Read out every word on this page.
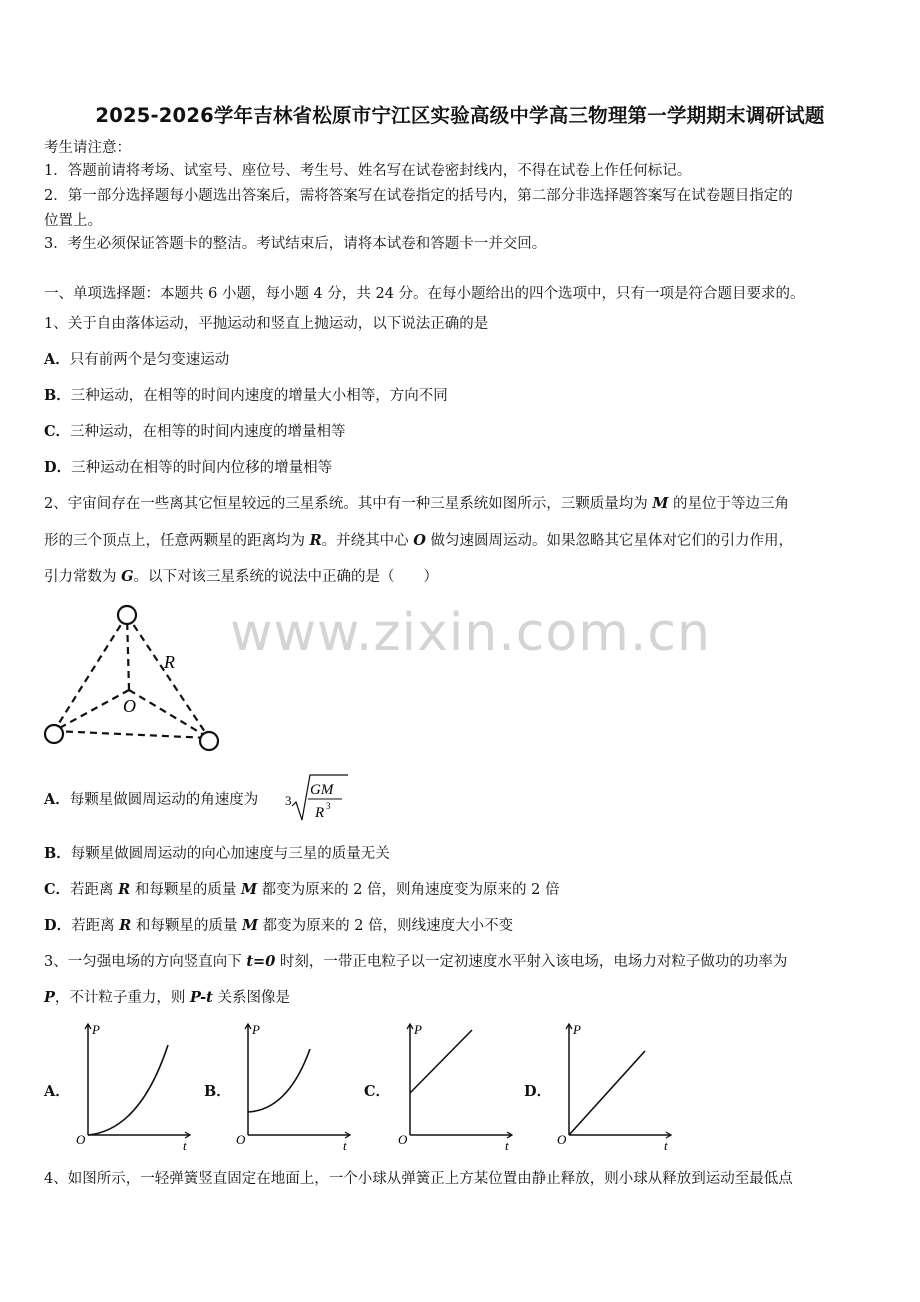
2025-2026学年吉林省松原市宁江区实验高级中学高三物理第一学期期末调研试题
考生请注意：
1．答题前请将考场、试室号、座位号、考生号、姓名写在试卷密封线内，不得在试卷上作任何标记。
2．第一部分选择题每小题选出答案后，需将答案写在试卷指定的括号内，第二部分非选择题答案写在试卷题目指定的
位置上。
3．考生必须保证答题卡的整洁。考试结束后，请将本试卷和答题卡一并交回。
一、单项选择题：本题共 6 小题，每小题 4 分，共 24 分。在每小题给出的四个选项中，只有一项是符合题目要求的。
1、关于自由落体运动，平抛运动和竖直上抛运动，以下说法正确的是
A．只有前两个是匀变速运动
B．三种运动，在相等的时间内速度的增量大小相等，方向不同
C．三种运动，在相等的时间内速度的增量相等
D．三种运动在相等的时间内位移的增量相等
2、宇宙间存在一些离其它恒星较远的三星系统。其中有一种三星系统如图所示，三颗质量均为 M 的星位于等边三角
形的三个顶点上，任意两颗星的距离均为 R。并绕其中心 O 做匀速圆周运动。如果忽略其它星体对它们的引力作用，
引力常数为 G。以下对该三星系统的说法中正确的是（　　）
www.zixin.com.cn
R
O
A．每颗星做圆周运动的角速度为 3
GM
R 3
B．每颗星做圆周运动的向心加速度与三星的质量无关
C．若距离 R 和每颗星的质量 M 都变为原来的 2 倍，则角速度变为原来的 2 倍
D．若距离 R 和每颗星的质量 M 都变为原来的 2 倍，则线速度大小不变
3、一匀强电场的方向竖直向下 t=0 时刻，一带正电粒子以一定初速度水平射入该电场，电场力对粒子做功的功率为
P，不计粒子重力，则 P-t 关系图像是
A．	B．	C．	D．
P
t
O
P
t
O
P
t
O
P
t
O
4、如图所示，一轻弹簧竖直固定在地面上，一个小球从弹簧正上方某位置由静止释放，则小球从释放到运动至最低点
